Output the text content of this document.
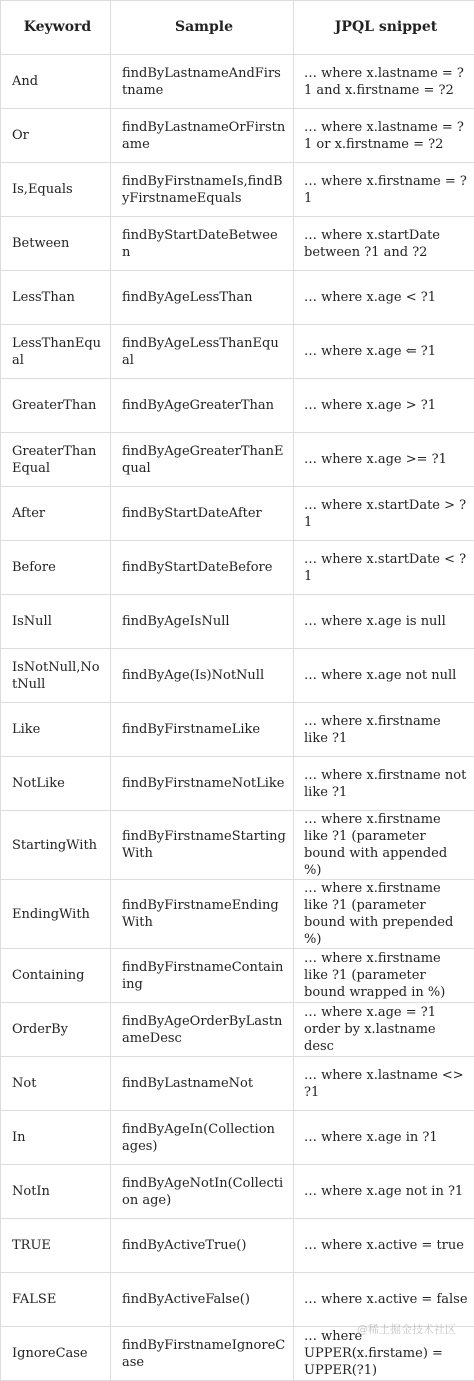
Keyword	Sample	JPQL snippet
And	findByLastnameAndFirstname	… where x.lastname = ?1 and x.firstname = ?2
Or	findByLastnameOrFirstname	… where x.lastname = ?1 or x.firstname = ?2
Is,Equals	findByFirstnameIs,findByFirstnameEquals	… where x.firstname = ?1
Between	findByStartDateBetween	… where x.startDate between ?1 and ?2
LessThan	findByAgeLessThan	… where x.age < ?1
LessThanEqual	findByAgeLessThanEqual	… where x.age ⇐ ?1
GreaterThan	findByAgeGreaterThan	… where x.age > ?1
GreaterThanEqual	findByAgeGreaterThanEqual	… where x.age >= ?1
After	findByStartDateAfter	… where x.startDate > ?1
Before	findByStartDateBefore	… where x.startDate < ?1
IsNull	findByAgeIsNull	… where x.age is null
IsNotNull,NotNull	findByAge(Is)NotNull	… where x.age not null
Like	findByFirstnameLike	… where x.firstname like ?1
NotLike	findByFirstnameNotLike	… where x.firstname not like ?1
StartingWith	findByFirstnameStartingWith	… where x.firstname like ?1 (parameter bound with appended %)
EndingWith	findByFirstnameEndingWith	… where x.firstname like ?1 (parameter bound with prepended %)
Containing	findByFirstnameContaining	… where x.firstname like ?1 (parameter bound wrapped in %)
OrderBy	findByAgeOrderByLastnameDesc	… where x.age = ?1 order by x.lastname desc
Not	findByLastnameNot	… where x.lastname <> ?1
In	findByAgeIn(Collection ages)	… where x.age in ?1
NotIn	findByAgeNotIn(Collection age)	… where x.age not in ?1
TRUE	findByActiveTrue()	… where x.active = true
FALSE	findByActiveFalse()	… where x.active = false
IgnoreCase	findByFirstnameIgnoreCase	… where UPPER(x.firstame) = UPPER(?1)
@稀土掘金技术社区
